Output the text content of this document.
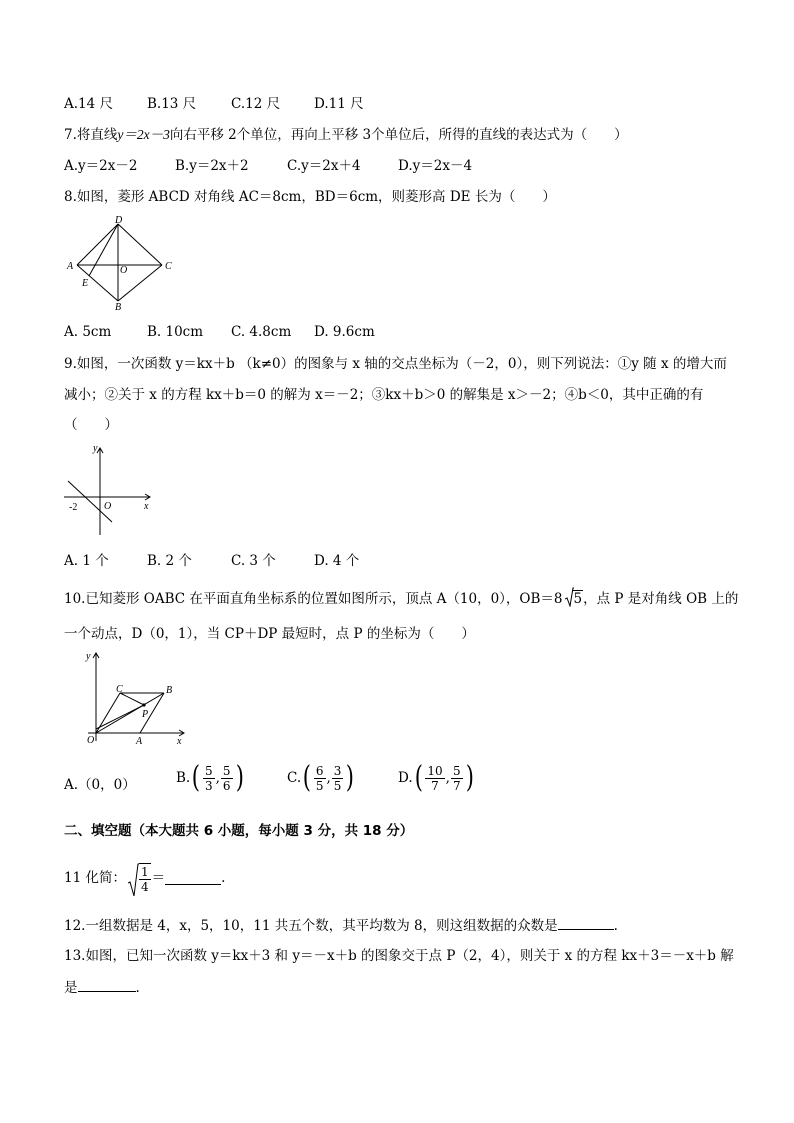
A.14 尺	B.13 尺	C.12 尺	D.11 尺
7.将直线y＝2x－3向右平移 2个单位，再向上平移 3个单位后，所得的直线的表达式为（　　）
A.y＝2x－2	B.y＝2x＋2	C.y＝2x＋4	D.y＝2x－4
8.如图，菱形 ABCD 对角线 AC＝8cm，BD＝6cm，则菱形高 DE 长为（　　）
D
A	C
O
E
B
A. 5cm	B. 10cm C. 4.8cm D. 9.6cm
9.如图，一次函数 y＝kx＋b （k≠0）的图象与 x 轴的交点坐标为（－2，0），则下列说法：①y 随 x 的增大而
减小；②关于 x 的方程 kx＋b＝0 的解为 x＝－2；③kx＋b＞0 的解集是 x＞－2；④b＜0，其中正确的有
（　　）
y
x
O
-2
A. 1 个	B. 2 个	C. 3 个	D. 4 个
10.已知菱形 OABC 在平面直角坐标系的位置如图所示，顶点 A（10，0），OB＝8 5，点 P 是对角线 OB 上的
一个动点，D（0，1），当 CP＋DP 最短时，点 P 的坐标为（　　）
y
x
O	A
B
C
P
A.（0，0）	B. ( $\frac{5}{3}$ , $\frac{5}{6}$ )	C. ( $\frac{6}{5}$ , $\frac{3}{5}$ )	D. ( $\frac{10}{7}$ , $\frac{5}{7}$ )
二、填空题（本大题共 6 小题，每小题 3 分，共 18 分）
11 化简： $\frac{1}{4}$ ＝	.
12.一组数据是 4，x，5，10，11 共五个数，其平均数为 8，则这组数据的众数是	.
13.如图，已知一次函数 y＝kx＋3 和 y＝－x＋b 的图象交于点 P（2，4），则关于 x 的方程 kx＋3＝－x＋b 解
是	.
